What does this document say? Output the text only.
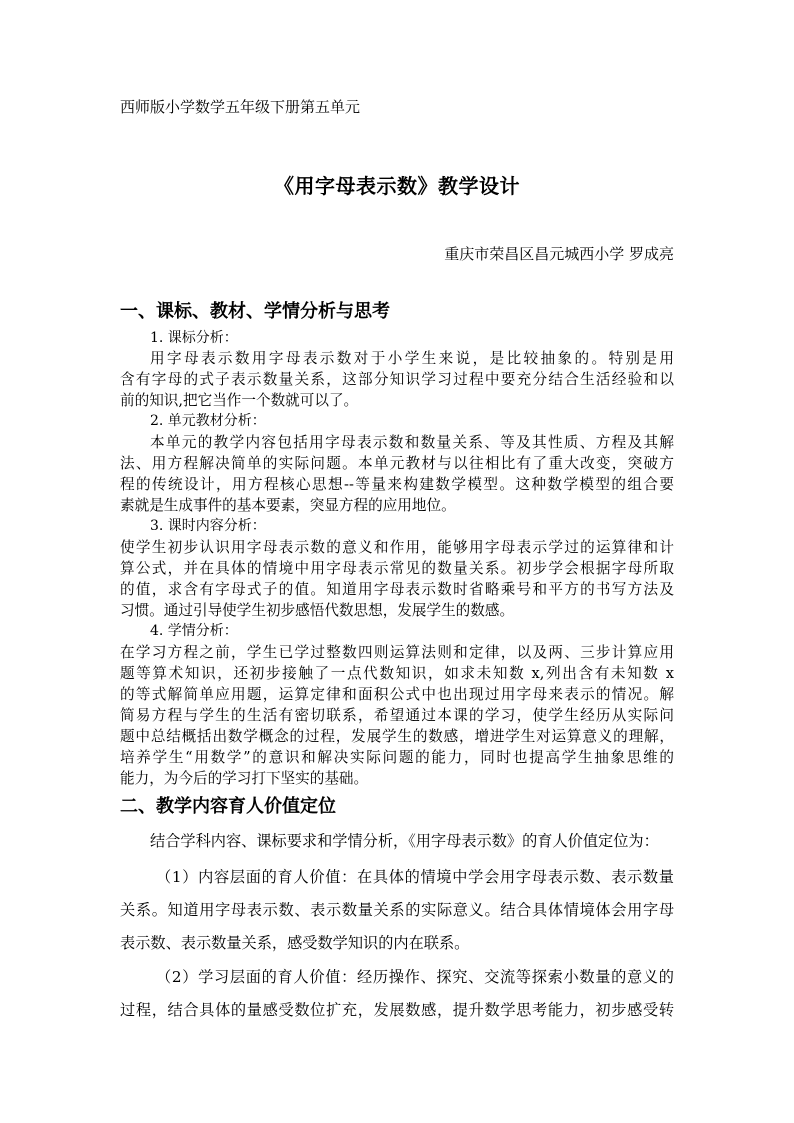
西师版小学数学五年级下册第五单元

《用字母表示数》教学设计

重庆市荣昌区昌元城西小学 罗成亮

一、课标、教材、学情分析与思考

1. 课标分析：

用字母表示数用字母表示数对于小学生来说，是比较抽象的。特别是用

含有字母的式子表示数量关系，这部分知识学习过程中要充分结合生活经验和以

前的知识,把它当作一个数就可以了。

2. 单元教材分析：

本单元的教学内容包括用字母表示数和数量关系、等及其性质、方程及其解

法、用方程解决简单的实际问题。本单元教材与以往相比有了重大改变，突破方

程的传统设计，用方程核心思想--等量来构建数学模型。这种数学模型的组合要

素就是生成事件的基本要素，突显方程的应用地位。

3. 课时内容分析：

使学生初步认识用字母表示数的意义和作用，能够用字母表示学过的运算律和计

算公式，并在具体的情境中用字母表示常见的数量关系。初步学会根据字母所取

的值，求含有字母式子的值。知道用字母表示数时省略乘号和平方的书写方法及

习惯。通过引导使学生初步感悟代数思想，发展学生的数感。

4. 学情分析：

在学习方程之前，学生已学过整数四则运算法则和定律，以及两、三步计算应用

题等算术知识，还初步接触了一点代数知识，如求未知数 x,列出含有未知数 x

的等式解简单应用题，运算定律和面积公式中也出现过用字母来表示的情况。解

简易方程与学生的生活有密切联系，希望通过本课的学习，使学生经历从实际问

题中总结概括出数学概念的过程，发展学生的数感，增进学生对运算意义的理解，

培养学生“用数学”的意识和解决实际问题的能力，同时也提高学生抽象思维的

能力，为今后的学习打下坚实的基础。

二、教学内容育人价值定位

结合学科内容、课标要求和学情分析，《用字母表示数》的育人价值定位为：

（1）内容层面的育人价值：在具体的情境中学会用字母表示数、表示数量

关系。知道用字母表示数、表示数量关系的实际意义。结合具体情境体会用字母

表示数、表示数量关系，感受数学知识的内在联系。

（2）学习层面的育人价值：经历操作、探究、交流等探索小数量的意义的

过程，结合具体的量感受数位扩充，发展数感，提升数学思考能力，初步感受转
